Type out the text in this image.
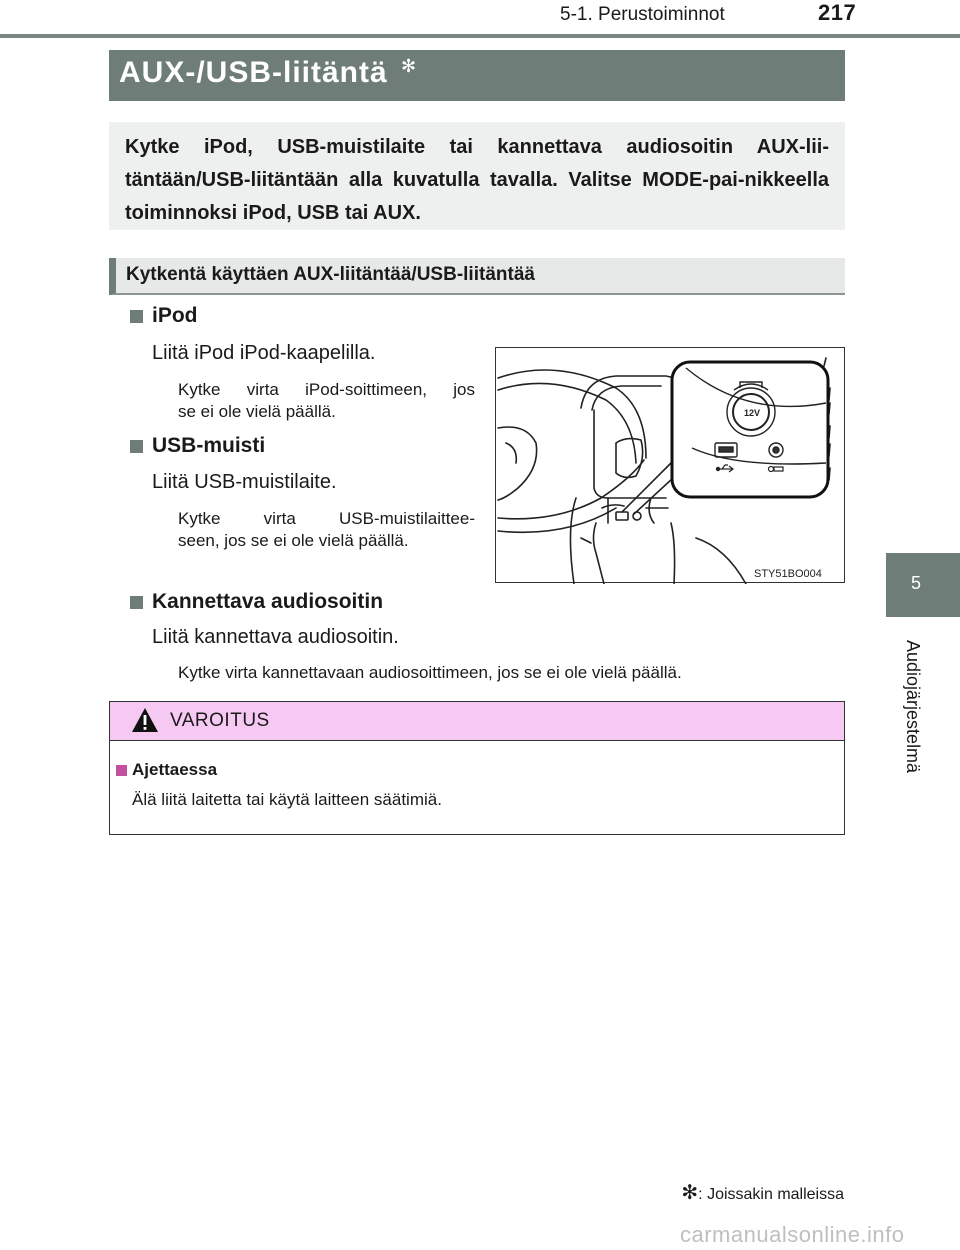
5-1. Perustoiminnot	217
5
Audiojärjestelmä
AUX-/USB-liitäntä ✻
Kytke iPod, USB-muistilaite tai kannettava audiosoitin AUX-lii-täntään/USB-liitäntään alla kuvatulla tavalla. Valitse MODE-pai-nikkeella toiminnoksi iPod, USB tai AUX.
Kytkentä käyttäen AUX-liitäntää/USB-liitäntää
iPod
Liitä iPod iPod-kaapelilla.
Kytke virta iPod-soittimeen, jos
se ei ole vielä päällä.
USB-muisti
Liitä USB-muistilaite.
Kytke virta USB-muistilaittee-
seen, jos se ei ole vielä päällä.
Kannettava audiosoitin
Liitä kannettava audiosoitin.
Kytke virta kannettavaan audiosoittimeen, jos se ei ole vielä päällä.
12V
STY51BO004
VAROITUS
Ajettaessa
Älä liitä laitetta tai käytä laitteen säätimiä.
✻: Joissakin malleissa
carmanualsonline.info
